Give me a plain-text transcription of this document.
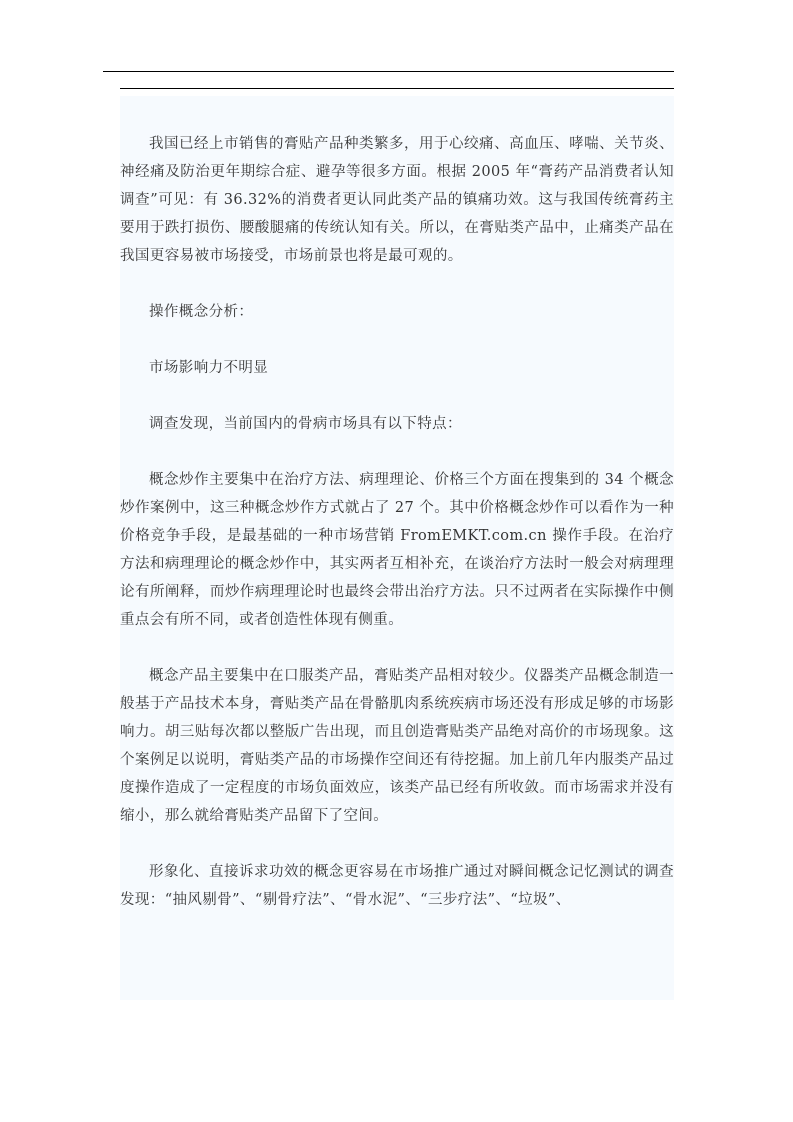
我国已经上市销售的膏贴产品种类繁多，用于心绞痛、高血压、哮喘、关节炎、神经痛及防治更年期综合症、避孕等很多方面。根据 2005 年“膏药产品消费者认知调查”可见：有 36.32%的消费者更认同此类产品的镇痛功效。这与我国传统膏药主要用于跌打损伤、腰酸腿痛的传统认知有关。所以，在膏贴类产品中，止痛类产品在我国更容易被市场接受，市场前景也将是最可观的。

操作概念分析：

市场影响力不明显

调查发现，当前国内的骨病市场具有以下特点：

概念炒作主要集中在治疗方法、病理理论、价格三个方面在搜集到的 34 个概念炒作案例中，这三种概念炒作方式就占了 27 个。其中价格概念炒作可以看作为一种价格竞争手段，是最基础的一种市场营销 FromEMKT.com.cn 操作手段。在治疗方法和病理理论的概念炒作中，其实两者互相补充，在谈治疗方法时一般会对病理理论有所阐释，而炒作病理理论时也最终会带出治疗方法。只不过两者在实际操作中侧重点会有所不同，或者创造性体现有侧重。

概念产品主要集中在口服类产品，膏贴类产品相对较少。仪器类产品概念制造一般基于产品技术本身，膏贴类产品在骨骼肌肉系统疾病市场还没有形成足够的市场影响力。胡三贴每次都以整版广告出现，而且创造膏贴类产品绝对高价的市场现象。这个案例足以说明，膏贴类产品的市场操作空间还有待挖掘。加上前几年内服类产品过度操作造成了一定程度的市场负面效应，该类产品已经有所收敛。而市场需求并没有缩小，那么就给膏贴类产品留下了空间。

形象化、直接诉求功效的概念更容易在市场推广通过对瞬间概念记忆测试的调查发现：“抽风剔骨”、“剔骨疗法”、“骨水泥”、“三步疗法”、“垃圾”、
